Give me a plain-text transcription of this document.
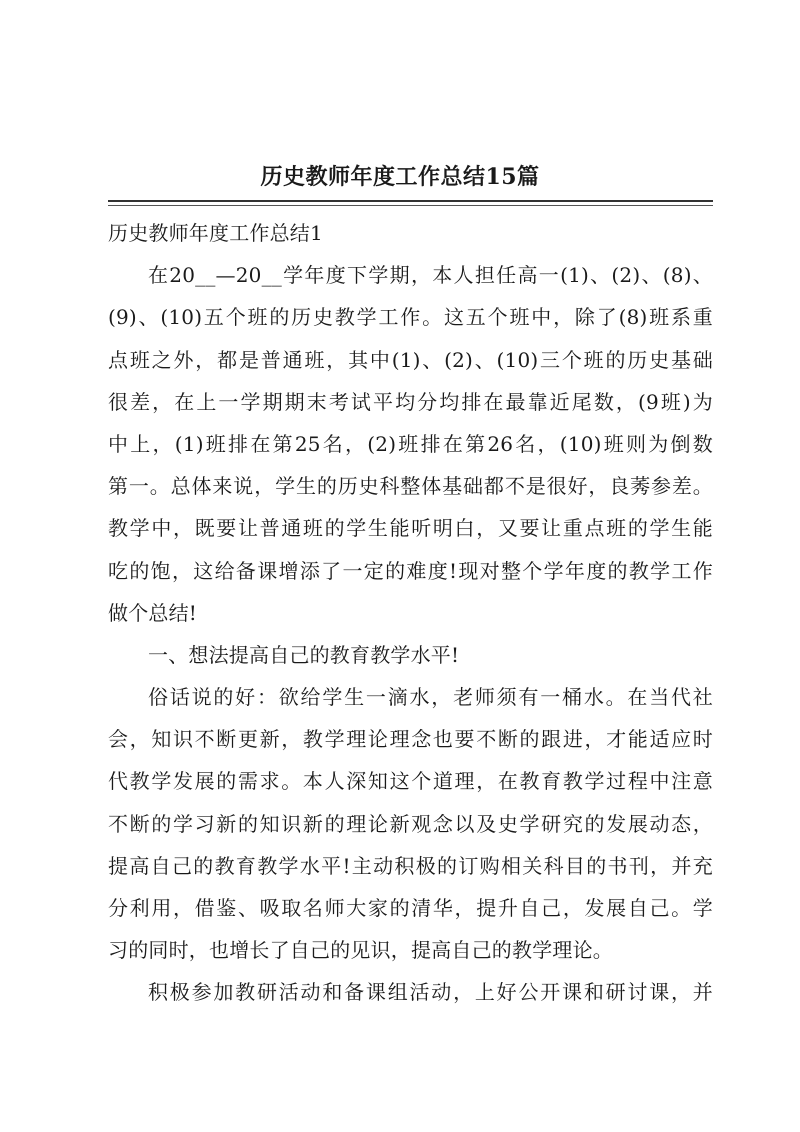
历史教师年度工作总结15篇
历史教师年度工作总结1
在20__—20__学年度下学期，本人担任高一(1)、(2)、(8)、
(9)、(10)五个班的历史教学工作。这五个班中，除了(8)班系重
点班之外，都是普通班，其中(1)、(2)、(10)三个班的历史基础
很差，在上一学期期末考试平均分均排在最靠近尾数，(9班)为
中上，(1)班排在第25名，(2)班排在第26名，(10)班则为倒数
第一。总体来说，学生的历史科整体基础都不是很好，良莠参差。
教学中，既要让普通班的学生能听明白，又要让重点班的学生能
吃的饱，这给备课增添了一定的难度!现对整个学年度的教学工作
做个总结!
一、想法提高自己的教育教学水平!
俗话说的好：欲给学生一滴水，老师须有一桶水。在当代社
会，知识不断更新，教学理论理念也要不断的跟进，才能适应时
代教学发展的需求。本人深知这个道理，在教育教学过程中注意
不断的学习新的知识新的理论新观念以及史学研究的发展动态，
提高自己的教育教学水平!主动积极的订购相关科目的书刊，并充
分利用，借鉴、吸取名师大家的清华，提升自己，发展自己。学
习的同时，也增长了自己的见识，提高自己的教学理论。
积极参加教研活动和备课组活动，上好公开课和研讨课，并
